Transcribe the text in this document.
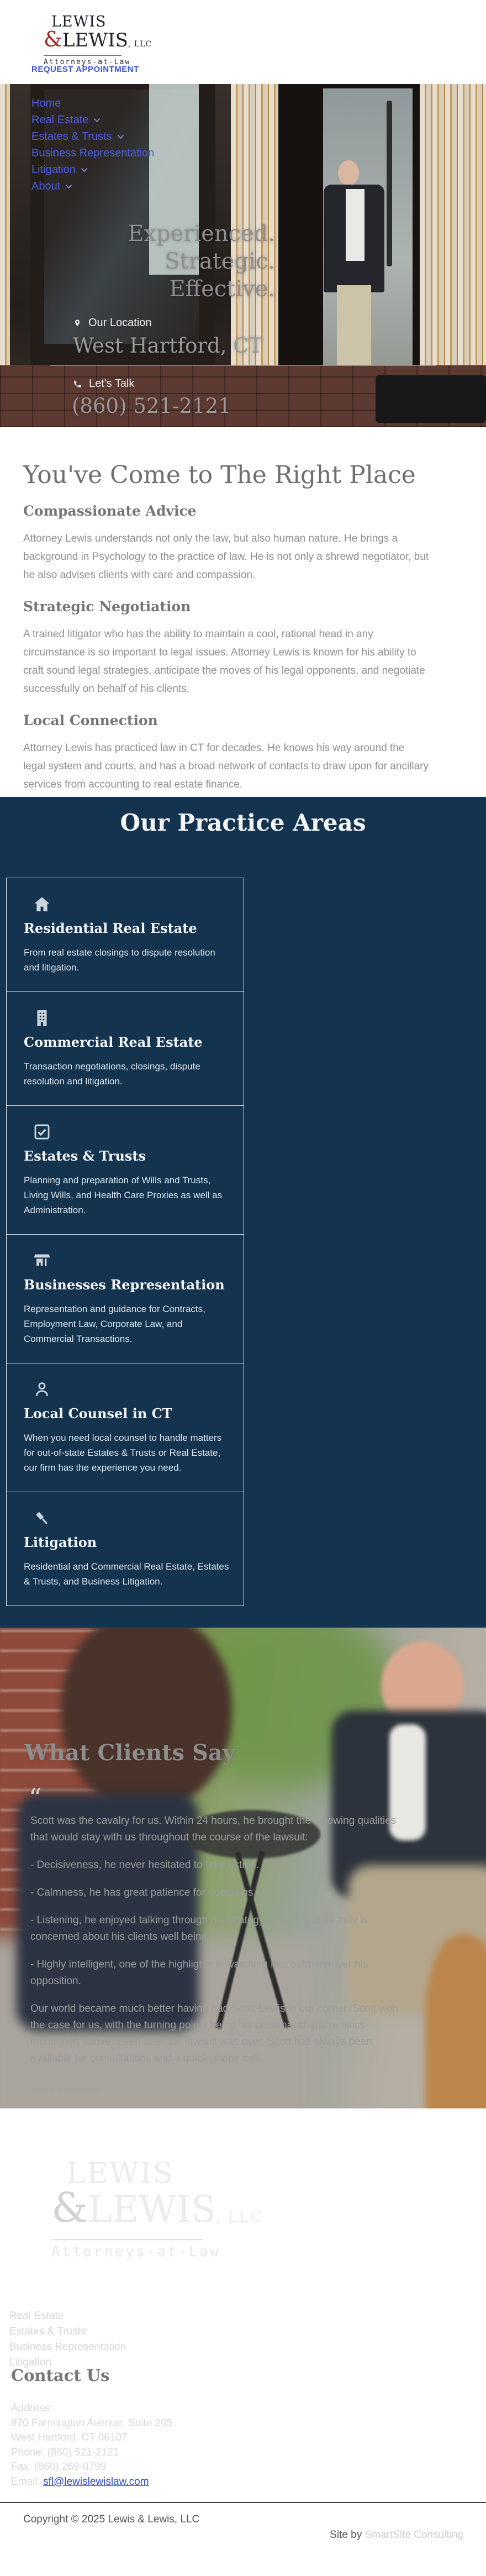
LEWIS
&LEWIS, LLC
Attorneys-at-Law
REQUEST APPOINTMENT
Home
Real Estate
Estates & Trusts
Business Representation
Litigation
About
Experienced.
Strategic.
Effective.
Our Location
West Hartford, CT
Let's Talk
(860) 521-2121
You've Come to The Right Place
Compassionate Advice

Attorney Lewis understands not only the law, but also human nature. He brings a background in Psychology to the practice of law. He is not only a shrewd negotiator, but he also advises clients with care and compassion.

Strategic Negotiation

A trained litigator who has the ability to maintain a cool, rational head in any circumstance is so important to legal issues. Attorney Lewis is known for his ability to craft sound legal strategies, anticipate the moves of his legal opponents, and negotiate successfully on behalf of his clients.

Local Connection

Attorney Lewis has practiced law in CT for decades. He knows his way around the legal system and courts, and has a broad network of contacts to draw upon for ancillary services from accounting to real estate finance.

Our Practice Areas
Residential Real Estate

From real estate closings to dispute resolution and litigation.

Commercial Real Estate

Transaction negotiations, closings, dispute resolution and litigation.

Estates & Trusts

Planning and preparation of Wills and Trusts, Living Wills, and Health Care Proxies as well as Administration.

Businesses Representation

Representation and guidance for Contracts, Employment Law, Corporate Law, and Commercial Transactions.

Local Counsel in CT

When you need local counsel to handle matters for out-of-state Estates & Trusts or Real Estate, our firm has the experience you need.

Litigation

Residential and Commercial Real Estate, Estates & Trusts, and Business Litigation.

What Clients Say
“

Scott was the cavalry for us. Within 24 hours, he brought the following qualities that would stay with us throughout the course of the lawsuit:

- Decisiveness, he never hesitated to take action.

- Calmness, he has great patience for questions

- Listening, he enjoyed talking through his strategy with us and he truly is concerned about his clients well being

- Highly intelligent, one of the highlights is watching him outmaneuver his opposition.

Our world became much better having had Scott Lewis in our corner. Scott won the case for us, with the turning points being his personal characteristics mentioned above. Even after the lawsuit was over, Scott has always been available for consultations and a quick phone call.

Juan & Elizabeth A.
LEWIS
&LEWIS, LLC
Attorneys-at-Law
Real Estate
Estates & Trusts
Business Representation
Litigation
Contact Us
Address:
970 Farmington Avenue, Suite 205
West Hartford, CT 06107
Phone: (860) 521-2121
Fax: (860) 269-0799
Email: sfl@lewislewislaw.com
Copyright © 2025 Lewis & Lewis, LLC
Site by SmartSite Consulting
